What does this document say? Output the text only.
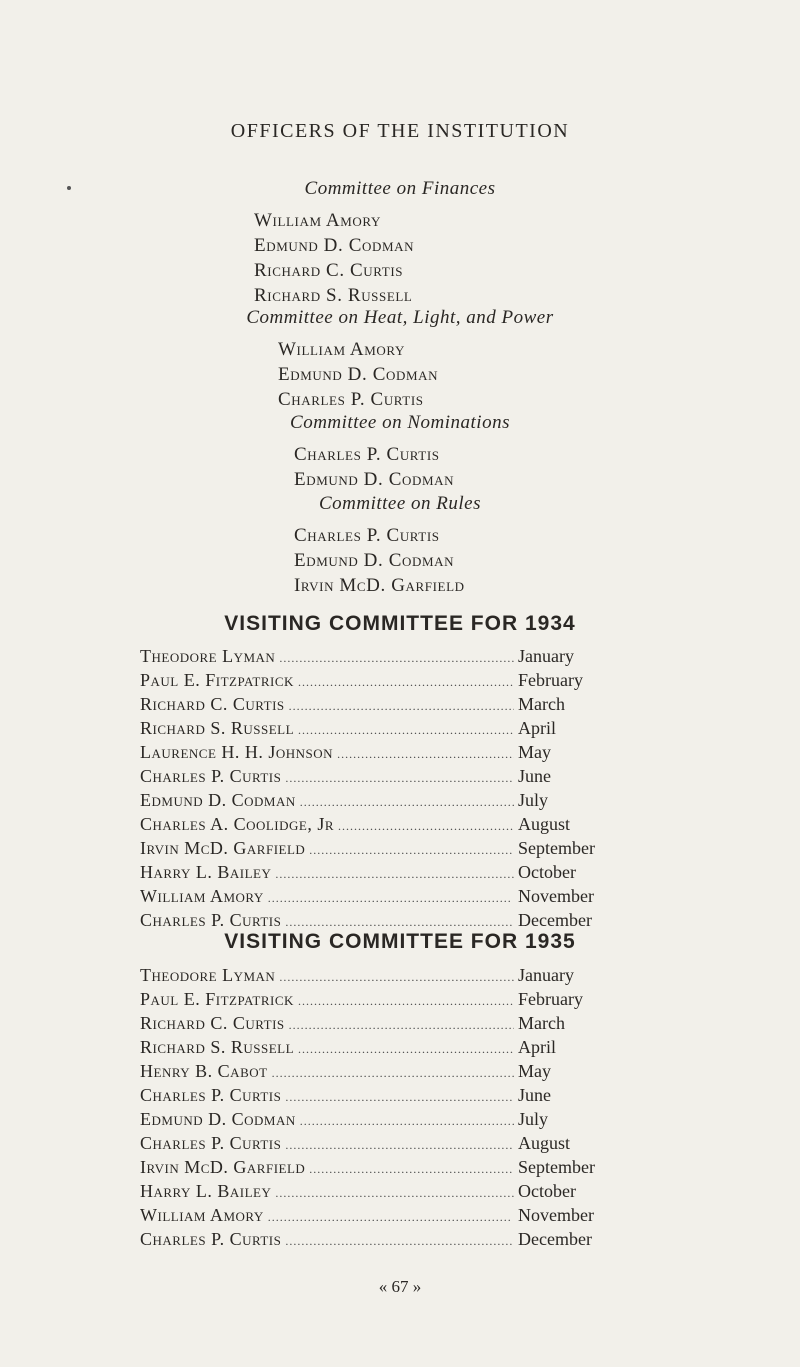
OFFICERS OF THE INSTITUTION
Committee on Finances
William Amory
Edmund D. Codman
Richard C. Curtis
Richard S. Russell
Committee on Heat, Light, and Power
William Amory
Edmund D. Codman
Charles P. Curtis
Committee on Nominations
Charles P. Curtis
Edmund D. Codman
Committee on Rules
Charles P. Curtis
Edmund D. Codman
Irvin McD. Garfield
VISITING COMMITTEE FOR 1934
Theodore Lyman . . .	January
Paul E. Fitzpatrick . . .	February
Richard C. Curtis . . .	March
Richard S. Russell . . .	April
Laurence H. H. Johnson . . .	May
Charles P. Curtis . . .	June
Edmund D. Codman . . .	July
Charles A. Coolidge, Jr . . .	August
Irvin McD. Garfield . . .	September
Harry L. Bailey . . .	October
William Amory . . .	November
Charles P. Curtis . . .	December
VISITING COMMITTEE FOR 1935
Theodore Lyman . . .	January
Paul E. Fitzpatrick . . .	February
Richard C. Curtis . . .	March
Richard S. Russell . . .	April
Henry B. Cabot . . .	May
Charles P. Curtis . . .	June
Edmund D. Codman . . .	July
Charles P. Curtis . . .	August
Irvin McD. Garfield . . .	September
Harry L. Bailey . . .	October
William Amory . . .	November
Charles P. Curtis . . .	December
« 67 »
